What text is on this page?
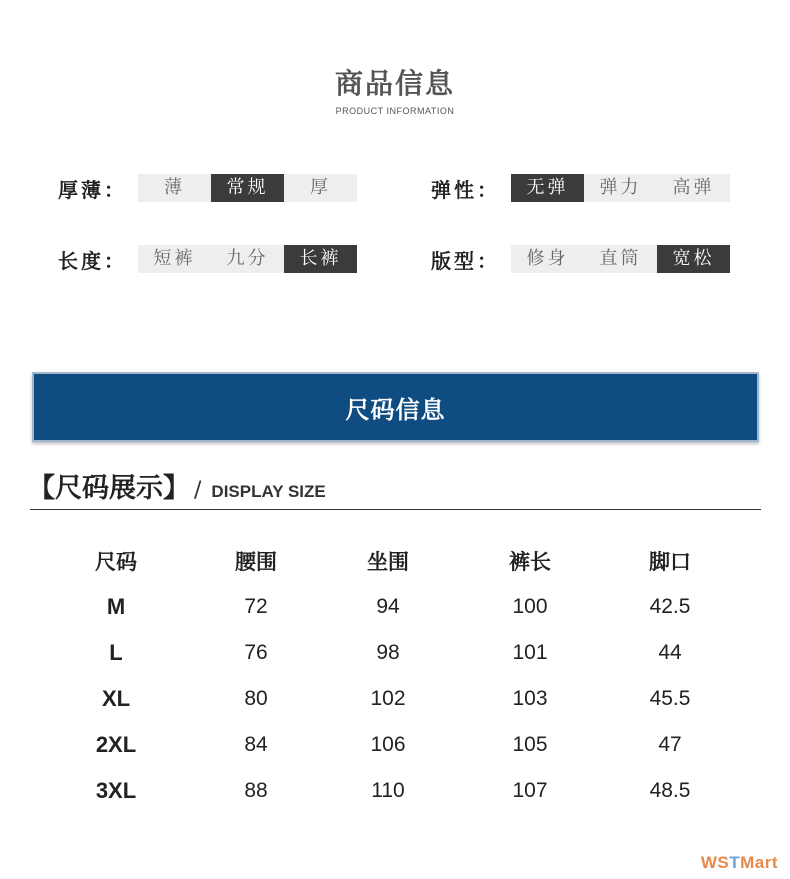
商品信息
PRODUCT INFORMATION
厚薄：	薄	常规	厚	弹性：	无弹	弹力	高弹
长度：	短裤	九分	长裤	版型：	修身	直筒	宽松
尺码信息
【尺码展示】 / DISPLAY SIZE
尺码	腰围	坐围	裤长	脚口
M	72	94	100	42.5
L	76	98	101	44
XL	80	102	103	45.5
2XL	84	106	105	47
3XL	88	110	107	48.5
WSTMart
